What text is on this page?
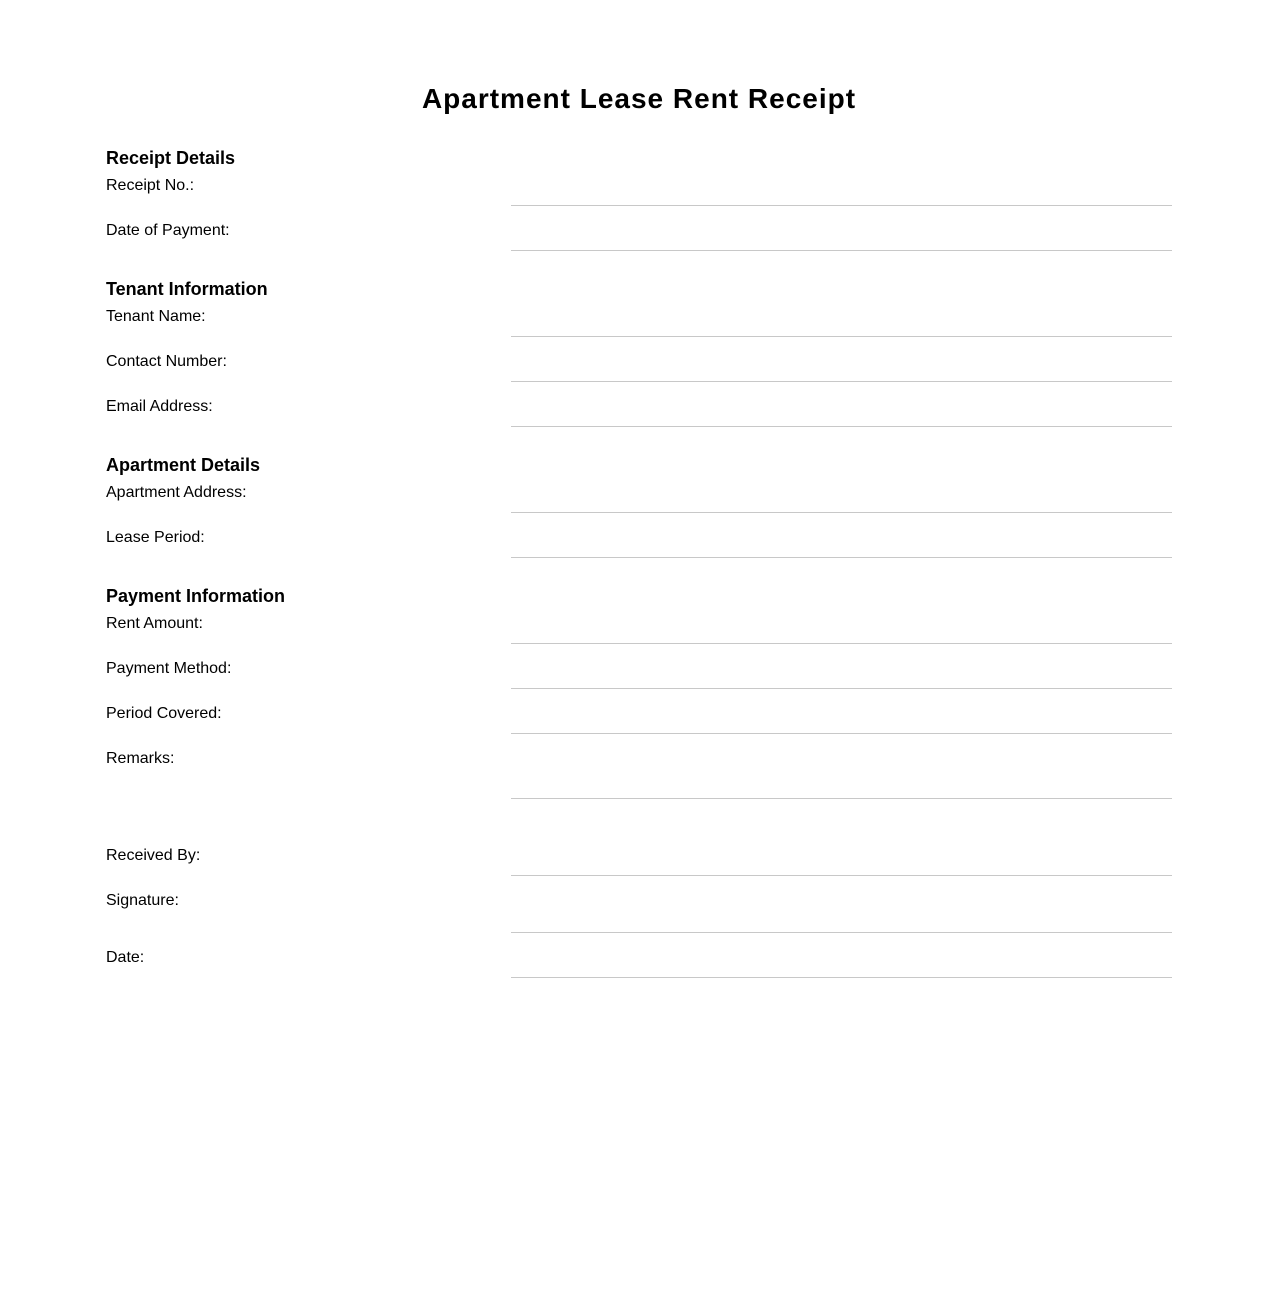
Apartment Lease Rent Receipt
Receipt Details
Receipt No.:
Date of Payment:
Tenant Information
Tenant Name:
Contact Number:
Email Address:
Apartment Details
Apartment Address:
Lease Period:
Payment Information
Rent Amount:
Payment Method:
Period Covered:
Remarks:
Received By:
Signature:
Date:
